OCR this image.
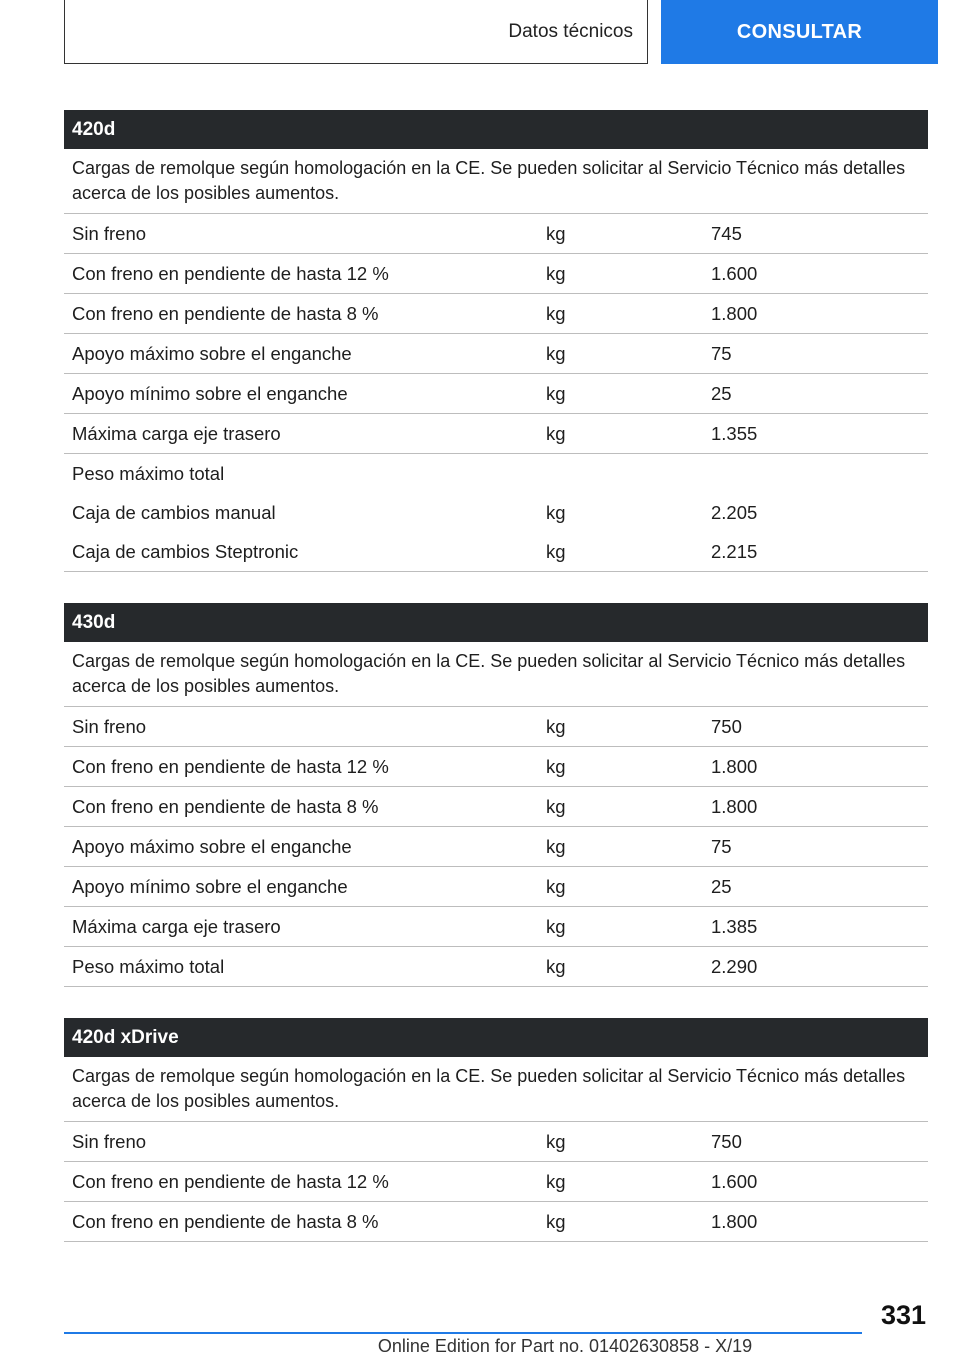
Datos técnicos	CONSULTAR
420d
Cargas de remolque según homologación en la CE. Se pueden solicitar al Servicio Técnico más detalles acerca de los posibles aumentos.
Sin freno	kg	745
Con freno en pendiente de hasta 12 %	kg	1.600
Con freno en pendiente de hasta 8 %	kg	1.800
Apoyo máximo sobre el enganche	kg	75
Apoyo mínimo sobre el enganche	kg	25
Máxima carga eje trasero	kg	1.355
Peso máximo total
Caja de cambios manual	kg	2.205
Caja de cambios Steptronic	kg	2.215
430d
Cargas de remolque según homologación en la CE. Se pueden solicitar al Servicio Técnico más detalles acerca de los posibles aumentos.
Sin freno	kg	750
Con freno en pendiente de hasta 12 %	kg	1.800
Con freno en pendiente de hasta 8 %	kg	1.800
Apoyo máximo sobre el enganche	kg	75
Apoyo mínimo sobre el enganche	kg	25
Máxima carga eje trasero	kg	1.385
Peso máximo total	kg	2.290
420d xDrive
Cargas de remolque según homologación en la CE. Se pueden solicitar al Servicio Técnico más detalles acerca de los posibles aumentos.
Sin freno	kg	750
Con freno en pendiente de hasta 12 %	kg	1.600
Con freno en pendiente de hasta 8 %	kg	1.800
331
Online Edition for Part no. 01402630858 - X/19
